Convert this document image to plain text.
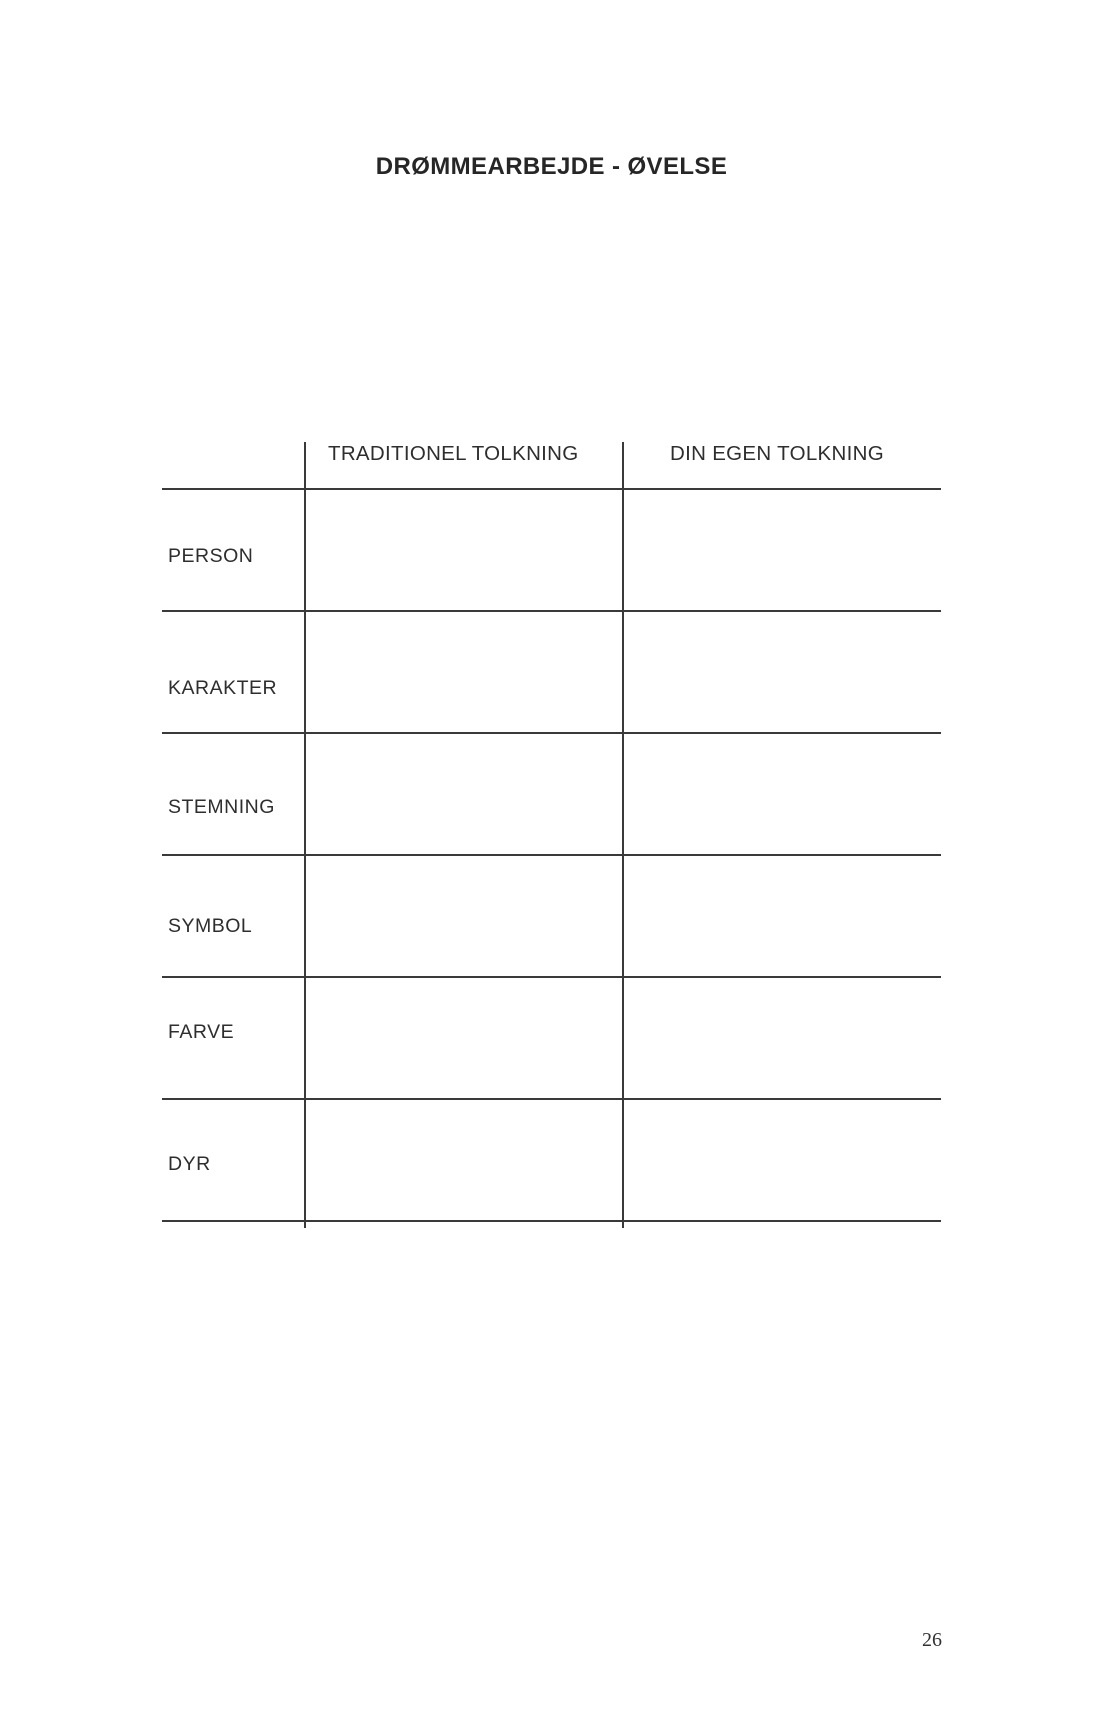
DRØMMEARBEJDE - ØVELSE
TRADITIONEL TOLKNING	DIN EGEN TOLKNING
PERSON
KARAKTER
STEMNING
SYMBOL
FARVE
DYR
26
